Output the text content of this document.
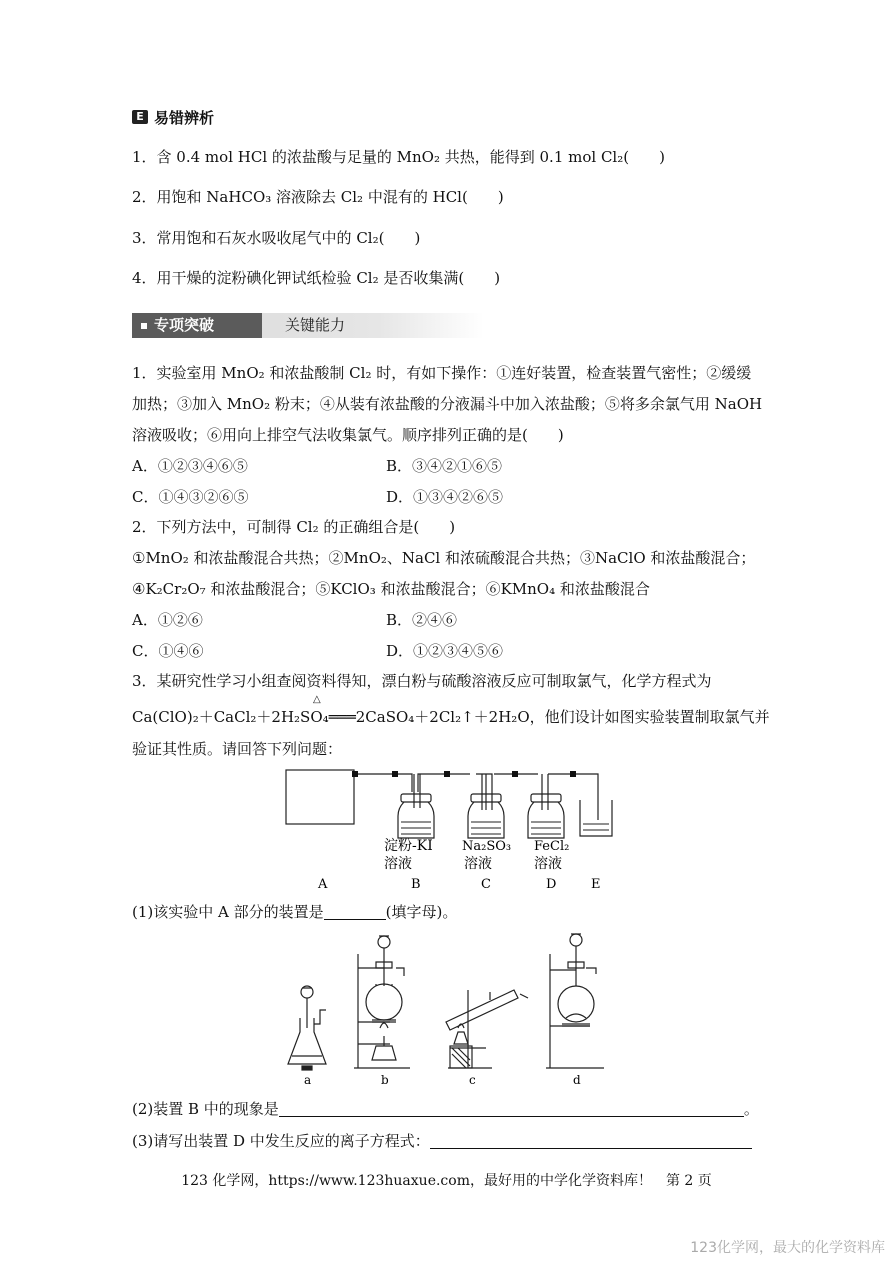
E 易错辨析
1．含 0.4 mol HCl 的浓盐酸与足量的 MnO₂ 共热，能得到 0.1 mol Cl₂(　　)
2．用饱和 NaHCO₃ 溶液除去 Cl₂ 中混有的 HCl(　　)
3．常用饱和石灰水吸收尾气中的 Cl₂(　　)
4．用干燥的淀粉碘化钾试纸检验 Cl₂ 是否收集满(　　)
专项突破	关键能力
1．实验室用 MnO₂ 和浓盐酸制 Cl₂ 时，有如下操作：①连好装置，检查装置气密性；②缓缓
加热；③加入 MnO₂ 粉末；④从装有浓盐酸的分液漏斗中加入浓盐酸；⑤将多余氯气用 NaOH
溶液吸收；⑥用向上排空气法收集氯气。顺序排列正确的是(　　)
A．①②③④⑥⑤	B．③④②①⑥⑤
C．①④③②⑥⑤	D．①③④②⑥⑤
2．下列方法中，可制得 Cl₂ 的正确组合是(　　)
①MnO₂ 和浓盐酸混合共热；②MnO₂、NaCl 和浓硫酸混合共热；③NaClO 和浓盐酸混合；
④K₂Cr₂O₇ 和浓盐酸混合；⑤KClO₃ 和浓盐酸混合；⑥KMnO₄ 和浓盐酸混合
A．①②⑥	B．②④⑥
C．①④⑥	D．①②③④⑤⑥
3．某研究性学习小组查阅资料得知，漂白粉与硫酸溶液反应可制取氯气，化学方程式为
△
Ca(ClO)₂＋CaCl₂＋2H₂SO₄═══2CaSO₄＋2Cl₂↑＋2H₂O，他们设计如图实验装置制取氯气并
验证其性质。请回答下列问题：
淀粉-KI
溶液
Na₂SO₃
溶液
FeCl₂
溶液
A	B	C	D	E
(1)该实验中 A 部分的装置是	(填字母)。
a	b	c	d
(2)装置 B 中的现象是	。
(3)请写出装置 D 中发生反应的离子方程式：
123 化学网，https://www.123huaxue.com，最好用的中学化学资料库！　第 2 页
123化学网，最大的化学资料库
